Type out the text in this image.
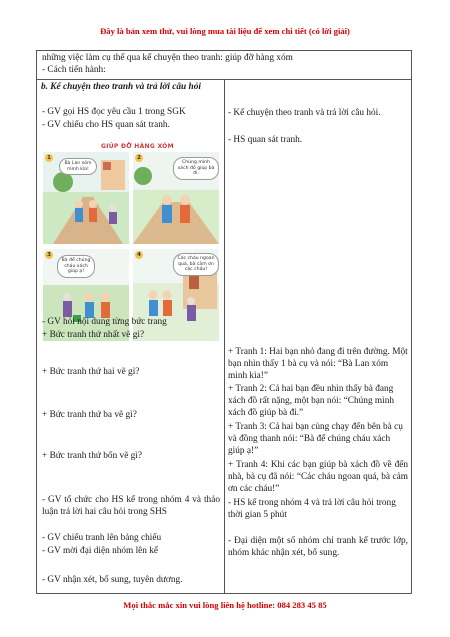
Đây là bản xem thử, vui lòng mua tài liệu để xem chi tiết (có lời giải)
những việc làm cụ thể qua kể chuyện theo tranh: giúp đỡ hàng xóm
- Cách tiến hành:
b. Kể chuyện theo tranh và trả lời câu hỏi
- GV gọi HS đọc yêu cầu 1 trong SGK
- GV chiếu cho HS quan sát tranh.
GIÚP ĐỠ HÀNG XÓM
1
Bà Lan xóm mình kìa!
2
Chúng mình xách đồ giúp bà đi.
3
Bà để chúng cháu xách giúp ạ!
4
Các cháu ngoan quá, bà cảm ơn các cháu!
- GV hỏi nội dung từng bức trang
+ Bức tranh thứ nhất vẽ gì?
+ Bức tranh thứ hai vẽ gì?
+ Bức tranh thứ ba vẽ gì?
+ Bức tranh thứ bốn vẽ gì?
- GV tổ chức cho HS kể trong nhóm 4 và thảo luận trả lời hai câu hỏi trong SHS
- GV chiếu tranh lên bảng chiếu
- GV mời đại diện nhóm lên kể
- GV nhận xét, bổ sung, tuyên dương.
- Kể chuyện theo tranh và trả lời câu hỏi.
- HS quan sát tranh.
+ Tranh 1: Hai bạn nhỏ đang đi trên đường. Một bạn nhìn thấy 1 bà cụ và nói: “Bà Lan xóm mình kìa!”
+ Tranh 2: Cả hai bạn đều nhìn thấy bà đang xách đồ rất nặng, một bạn nói: “Chúng mình xách đồ giúp bà đi.”
+ Tranh 3: Cả hai bạn cùng chạy đến bên bà cụ và đồng thanh nói: “Bà để chúng cháu xách giúp ạ!”
+ Tranh 4: Khi các bạn giúp bà xách đồ về đến nhà, bà cụ đã nói: “Các cháu ngoan quá, bà cảm ơn các cháu!”
- HS kể trong nhóm 4 và trả lời câu hỏi trong thời gian 5 phút
- Đại diện một số nhóm chỉ tranh kể trước lớp, nhóm khác nhận xét, bổ sung.
Mọi thắc mắc xin vui lòng liên hệ hotline: 084 283 45 85
